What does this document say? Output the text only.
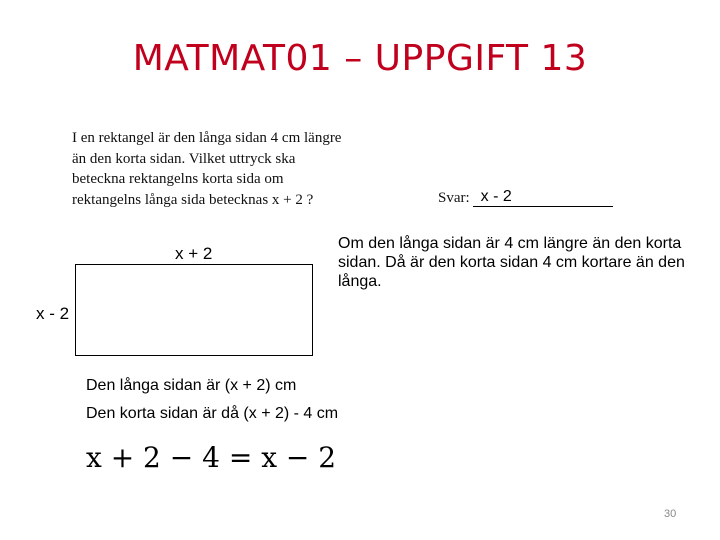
MATMAT01 – UPPGIFT 13
I en rektangel är den långa sidan 4 cm längre
än den korta sidan. Vilket uttryck ska
beteckna rektangelns korta sida om
rektangelns långa sida betecknas x + 2 ?	Svar: x - 2
x + 2
x - 2
Om den långa sidan är 4 cm längre än den korta sidan. Då är den korta sidan 4 cm kortare än den långa.
Den långa sidan är (x + 2) cm
Den korta sidan är då (x + 2) - 4 cm
x + 2 − 4 = x − 2
30
